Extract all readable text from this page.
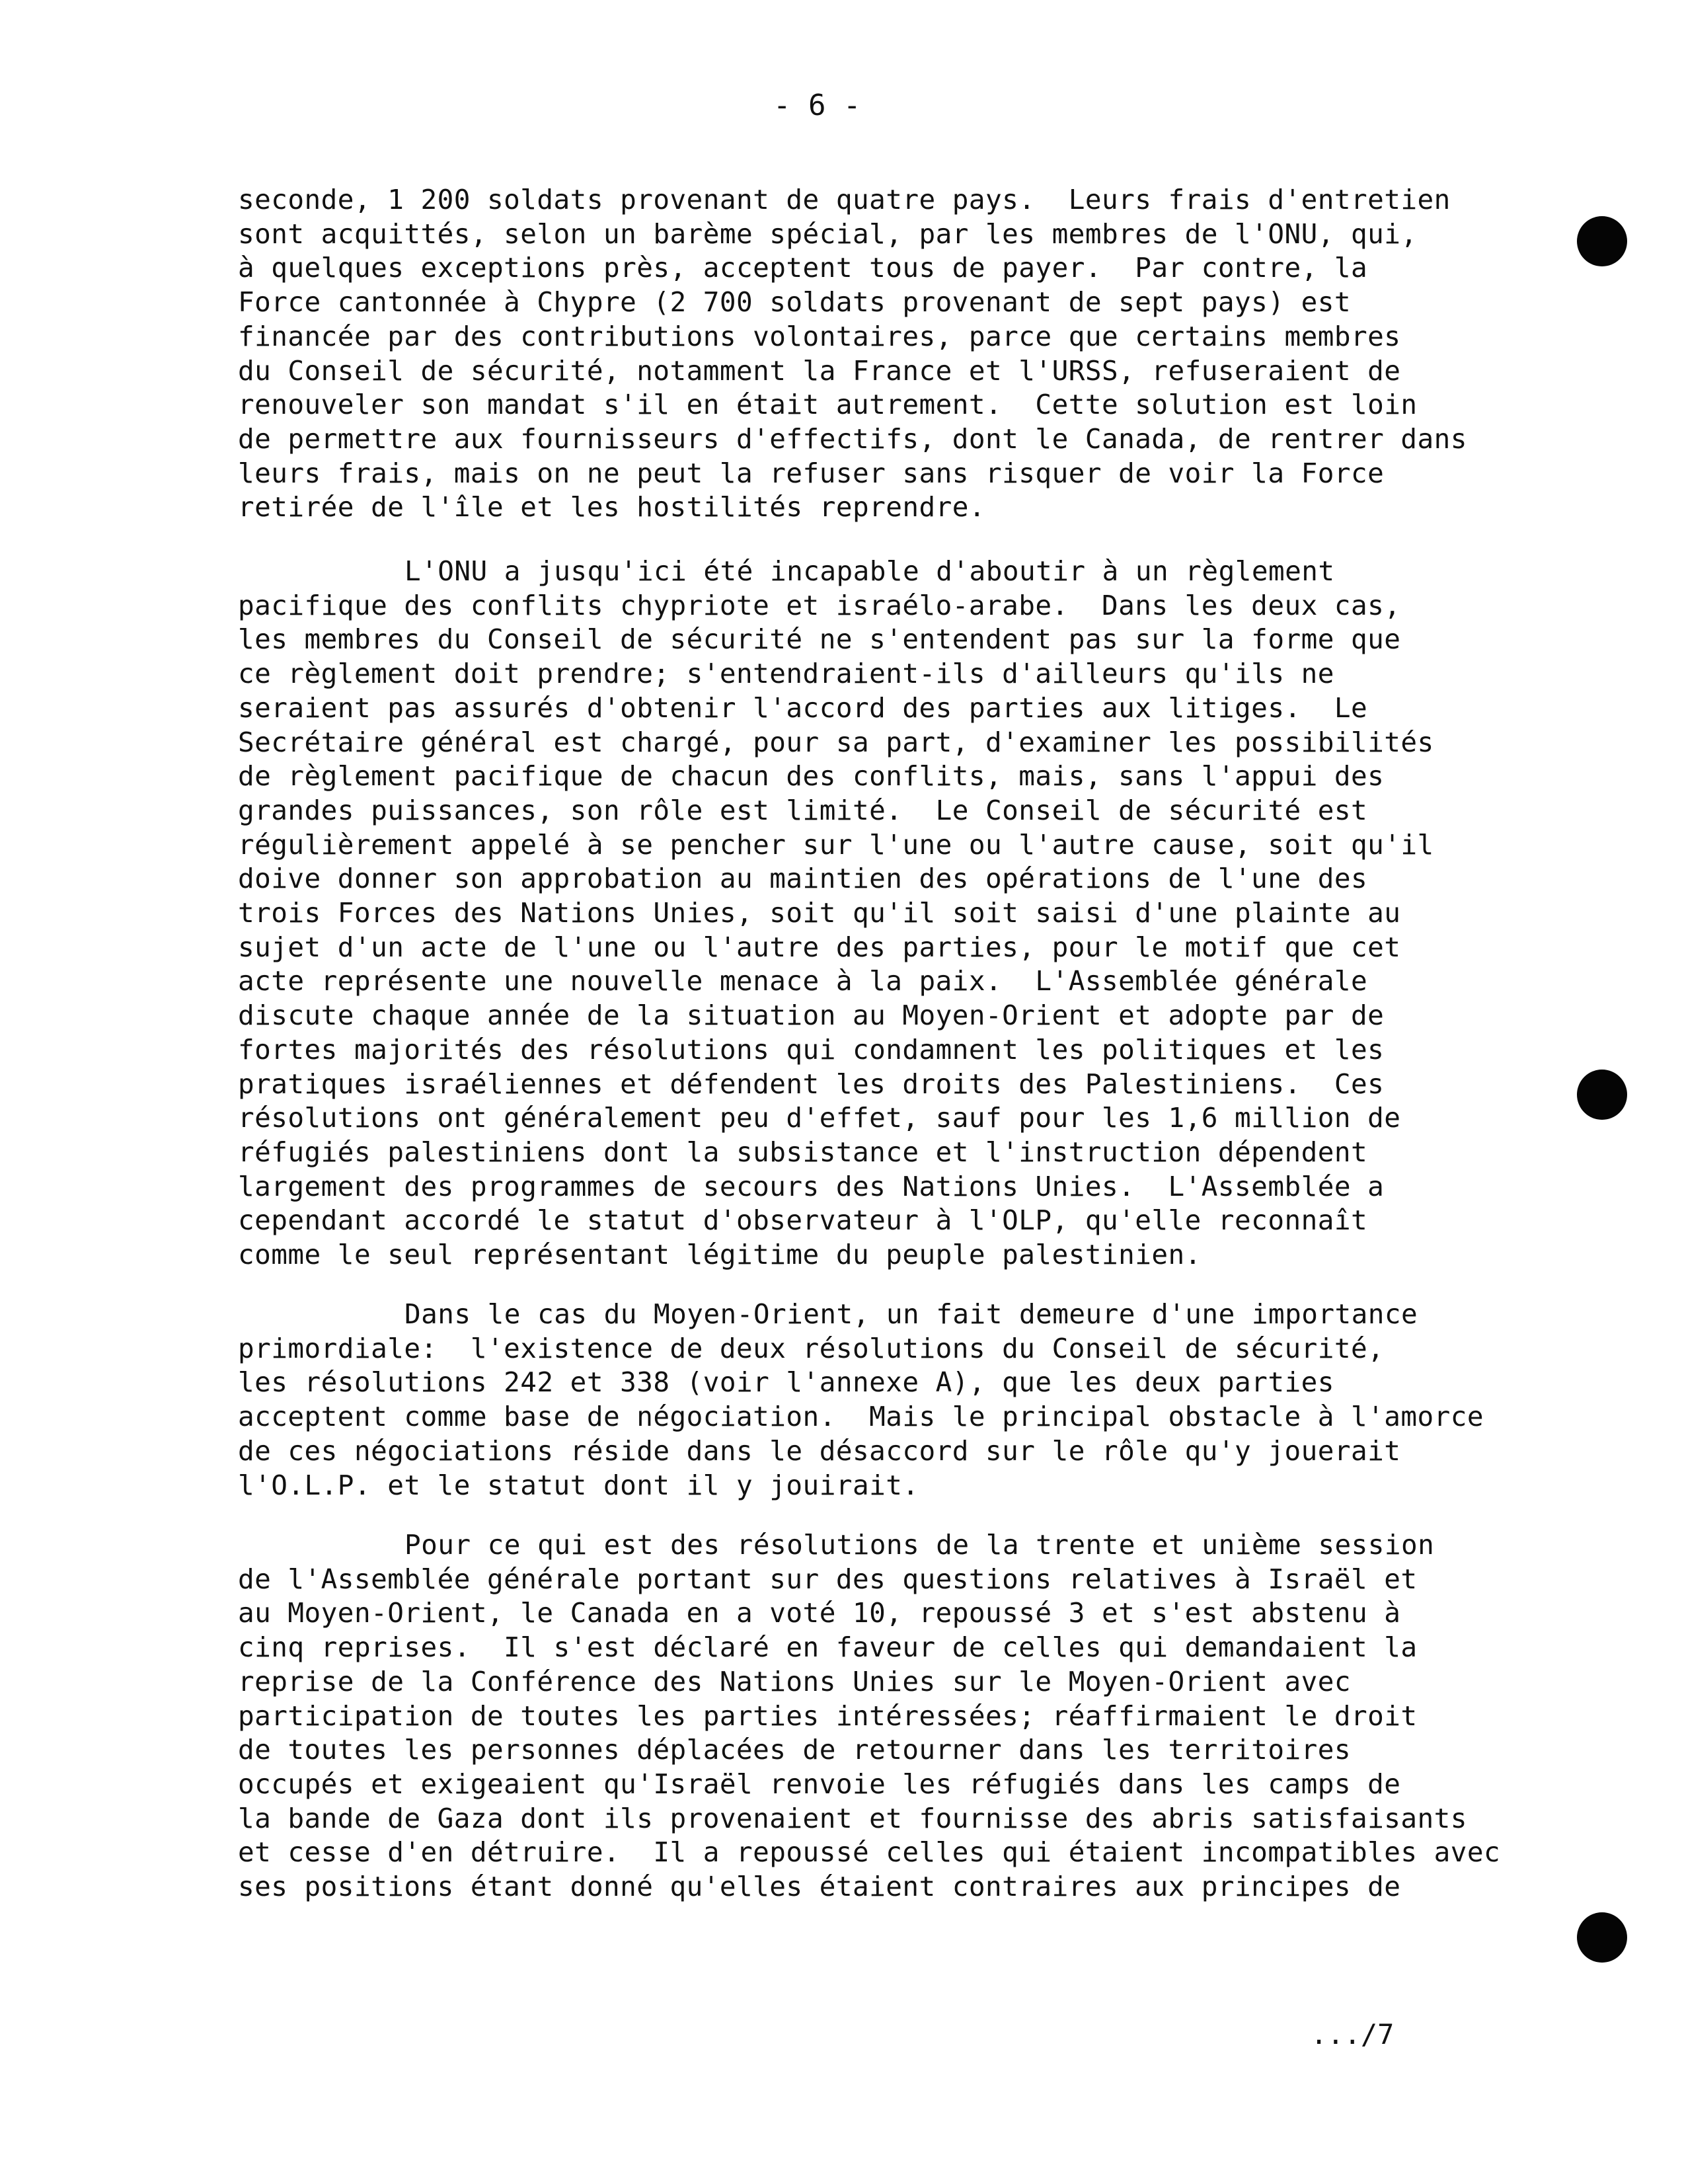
- 6 -

seconde, 1 200 soldats provenant de quatre pays.  Leurs frais d'entretien
sont acquittés, selon un barème spécial, par les membres de l'ONU, qui,
à quelques exceptions près, acceptent tous de payer.  Par contre, la
Force cantonnée à Chypre (2 700 soldats provenant de sept pays) est
financée par des contributions volontaires, parce que certains membres
du Conseil de sécurité, notamment la France et l'URSS, refuseraient de
renouveler son mandat s'il en était autrement.  Cette solution est loin
de permettre aux fournisseurs d'effectifs, dont le Canada, de rentrer dans
leurs frais, mais on ne peut la refuser sans risquer de voir la Force
retirée de l'île et les hostilités reprendre.

L'ONU a jusqu'ici été incapable d'aboutir à un règlement
pacifique des conflits chypriote et israélo-arabe.  Dans les deux cas,
les membres du Conseil de sécurité ne s'entendent pas sur la forme que
ce règlement doit prendre; s'entendraient-ils d'ailleurs qu'ils ne
seraient pas assurés d'obtenir l'accord des parties aux litiges.  Le
Secrétaire général est chargé, pour sa part, d'examiner les possibilités
de règlement pacifique de chacun des conflits, mais, sans l'appui des
grandes puissances, son rôle est limité.  Le Conseil de sécurité est
régulièrement appelé à se pencher sur l'une ou l'autre cause, soit qu'il
doive donner son approbation au maintien des opérations de l'une des
trois Forces des Nations Unies, soit qu'il soit saisi d'une plainte au
sujet d'un acte de l'une ou l'autre des parties, pour le motif que cet
acte représente une nouvelle menace à la paix.  L'Assemblée générale
discute chaque année de la situation au Moyen-Orient et adopte par de
fortes majorités des résolutions qui condamnent les politiques et les
pratiques israéliennes et défendent les droits des Palestiniens.  Ces
résolutions ont généralement peu d'effet, sauf pour les 1,6 million de
réfugiés palestiniens dont la subsistance et l'instruction dépendent
largement des programmes de secours des Nations Unies.  L'Assemblée a
cependant accordé le statut d'observateur à l'OLP, qu'elle reconnaît
comme le seul représentant légitime du peuple palestinien.

Dans le cas du Moyen-Orient, un fait demeure d'une importance
primordiale:  l'existence de deux résolutions du Conseil de sécurité,
les résolutions 242 et 338 (voir l'annexe A), que les deux parties
acceptent comme base de négociation.  Mais le principal obstacle à l'amorce
de ces négociations réside dans le désaccord sur le rôle qu'y jouerait
l'O.L.P. et le statut dont il y jouirait.

Pour ce qui est des résolutions de la trente et unième session
de l'Assemblée générale portant sur des questions relatives à Israël et
au Moyen-Orient, le Canada en a voté 10, repoussé 3 et s'est abstenu à
cinq reprises.  Il s'est déclaré en faveur de celles qui demandaient la
reprise de la Conférence des Nations Unies sur le Moyen-Orient avec
participation de toutes les parties intéressées; réaffirmaient le droit
de toutes les personnes déplacées de retourner dans les territoires
occupés et exigeaient qu'Israël renvoie les réfugiés dans les camps de
la bande de Gaza dont ils provenaient et fournisse des abris satisfaisants
et cesse d'en détruire.  Il a repoussé celles qui étaient incompatibles avec
ses positions étant donné qu'elles étaient contraires aux principes de

.../7
